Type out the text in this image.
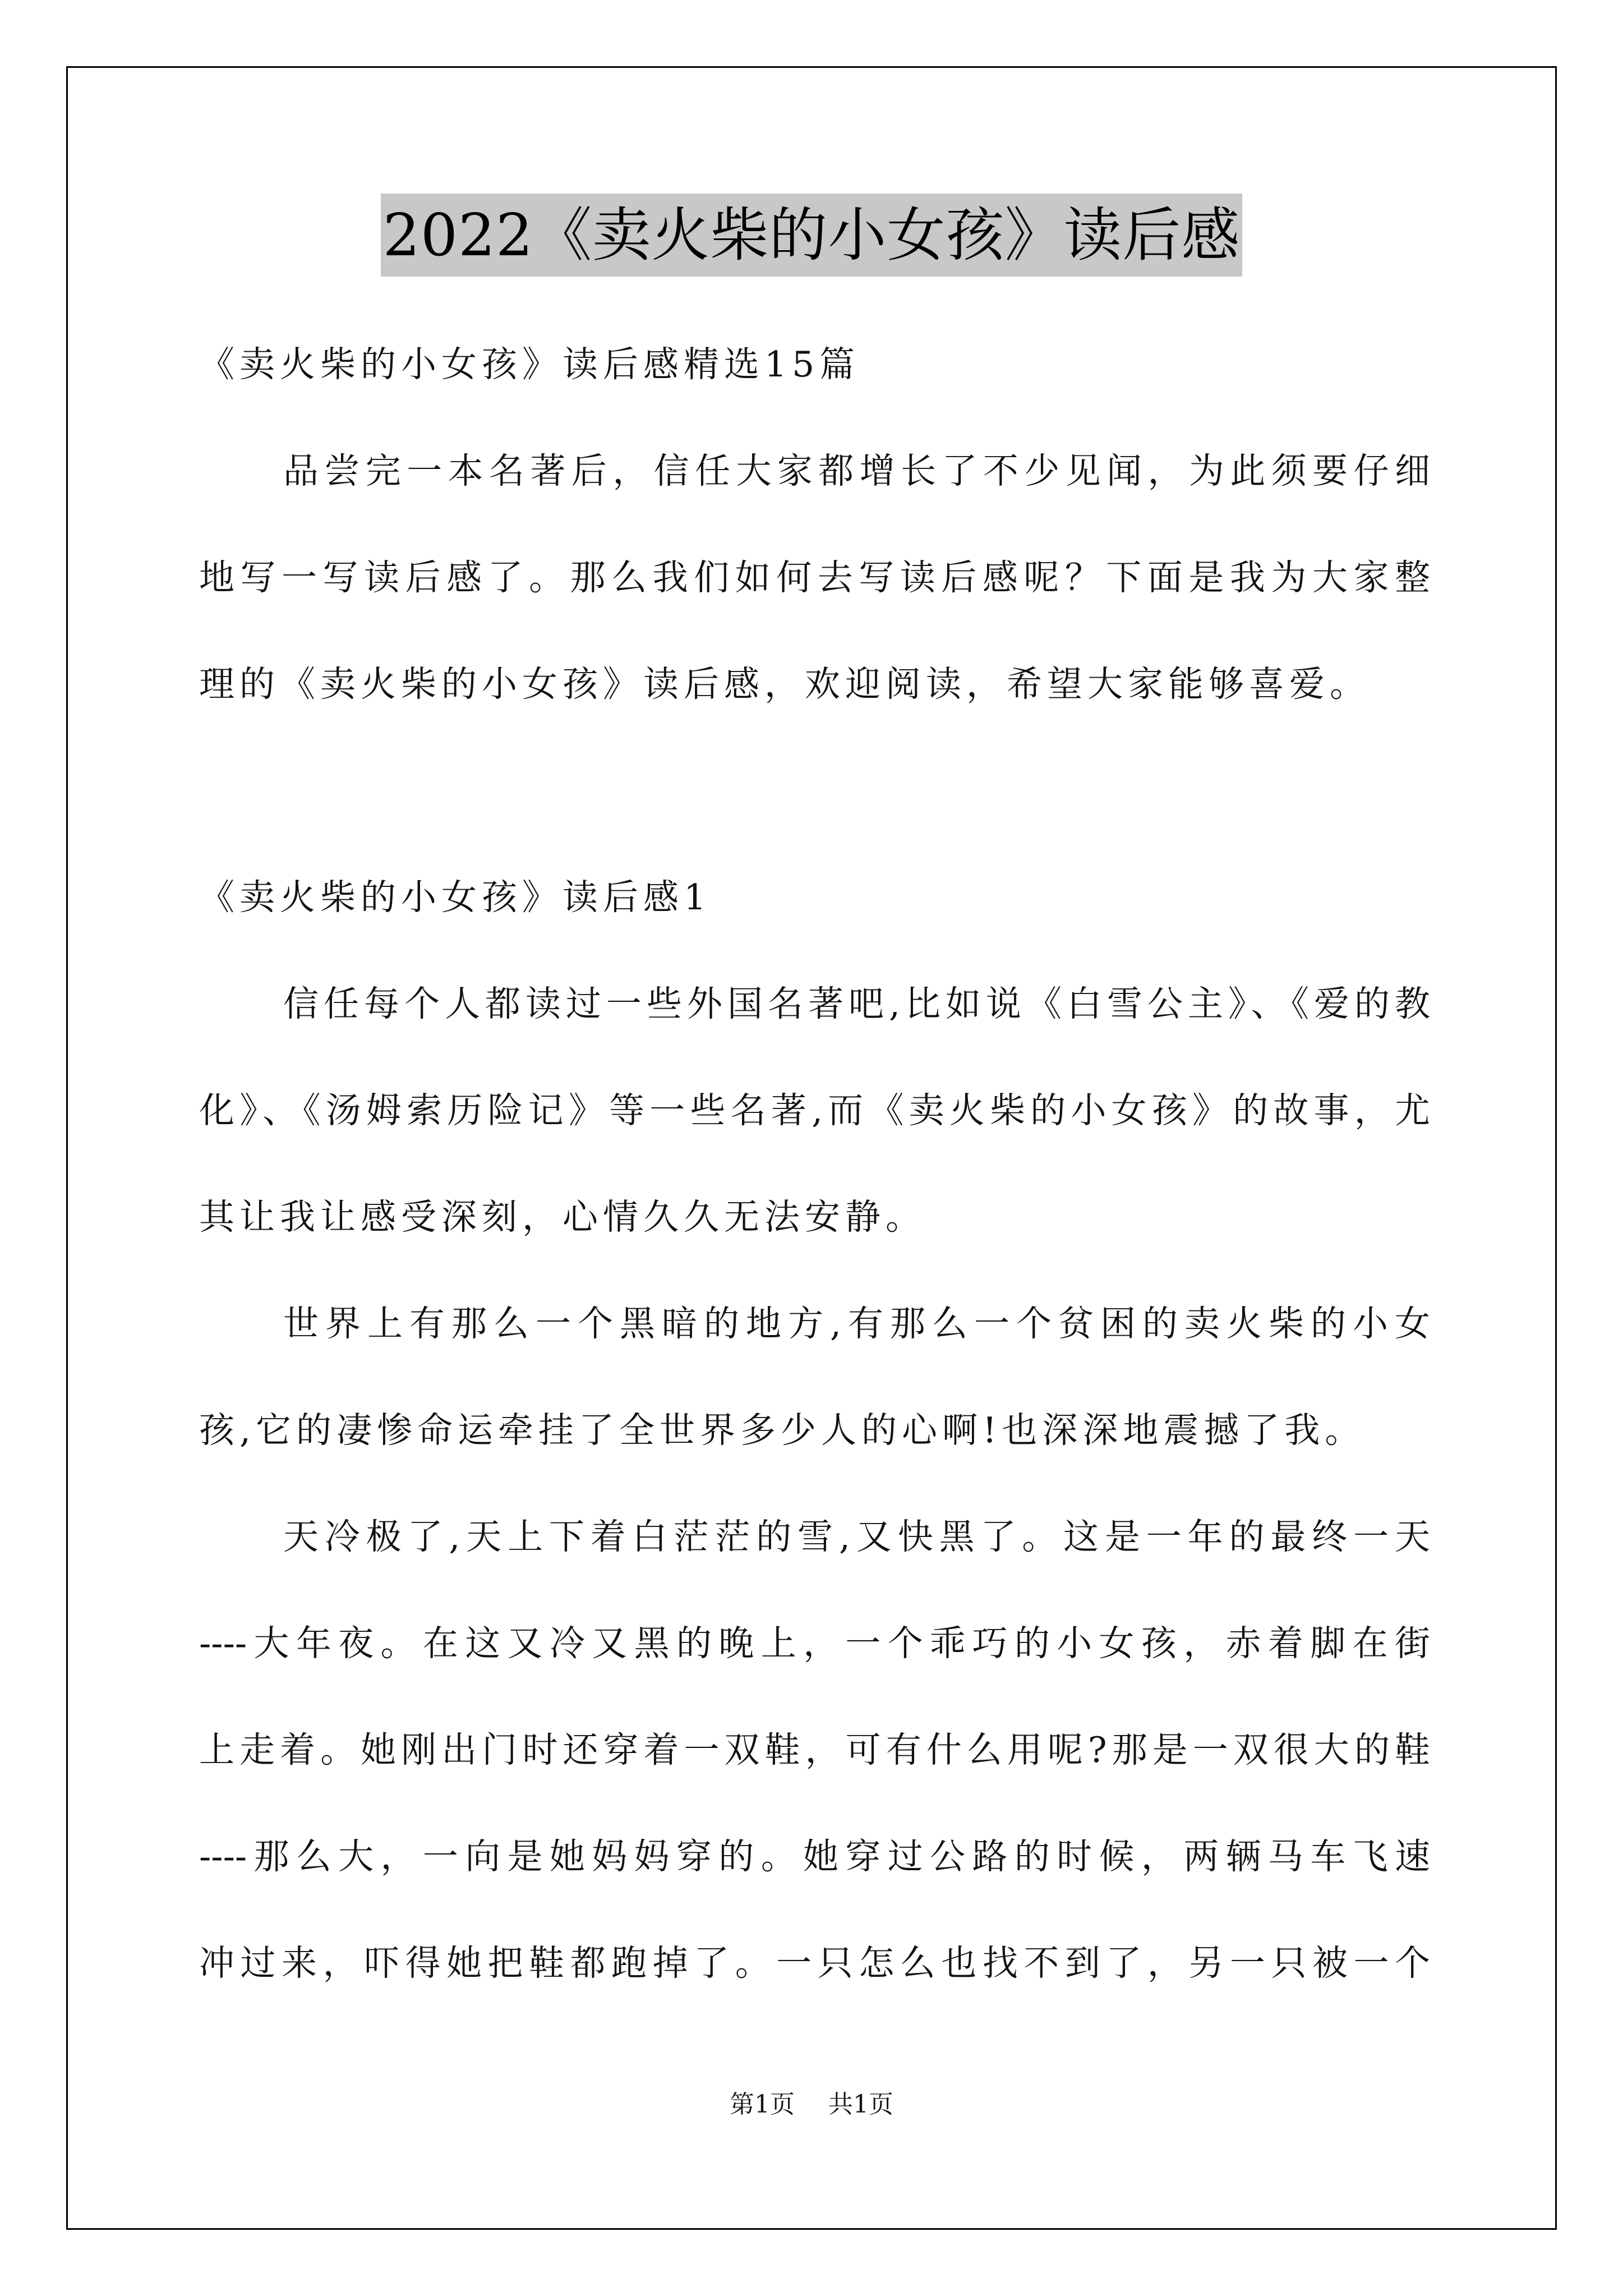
2022《卖火柴的小女孩》读后感
《卖火柴的小女孩》读后感精选15篇
品尝完一本名著后，信任大家都增长了不少见闻，为此须要仔细
地写一写读后感了。那么我们如何去写读后感呢？下面是我为大家整
理的《卖火柴的小女孩》读后感，欢迎阅读，希望大家能够喜爱。
《卖火柴的小女孩》读后感1
信任每个人都读过一些外国名著吧,比如说《白雪公主》、《爱的教
化》、《汤姆索历险记》等一些名著,而《卖火柴的小女孩》的故事，尤
其让我让感受深刻，心情久久无法安静。
世界上有那么一个黑暗的地方,有那么一个贫困的卖火柴的小女
孩,它的凄惨命运牵挂了全世界多少人的心啊!也深深地震撼了我。
天冷极了,天上下着白茫茫的雪,又快黑了。这是一年的最终一天
----大年夜。在这又冷又黑的晚上，一个乖巧的小女孩，赤着脚在街
上走着。她刚出门时还穿着一双鞋，可有什么用呢?那是一双很大的鞋
----那么大，一向是她妈妈穿的。她穿过公路的时候，两辆马车飞速
冲过来，吓得她把鞋都跑掉了。一只怎么也找不到了，另一只被一个
第1页 共1页
